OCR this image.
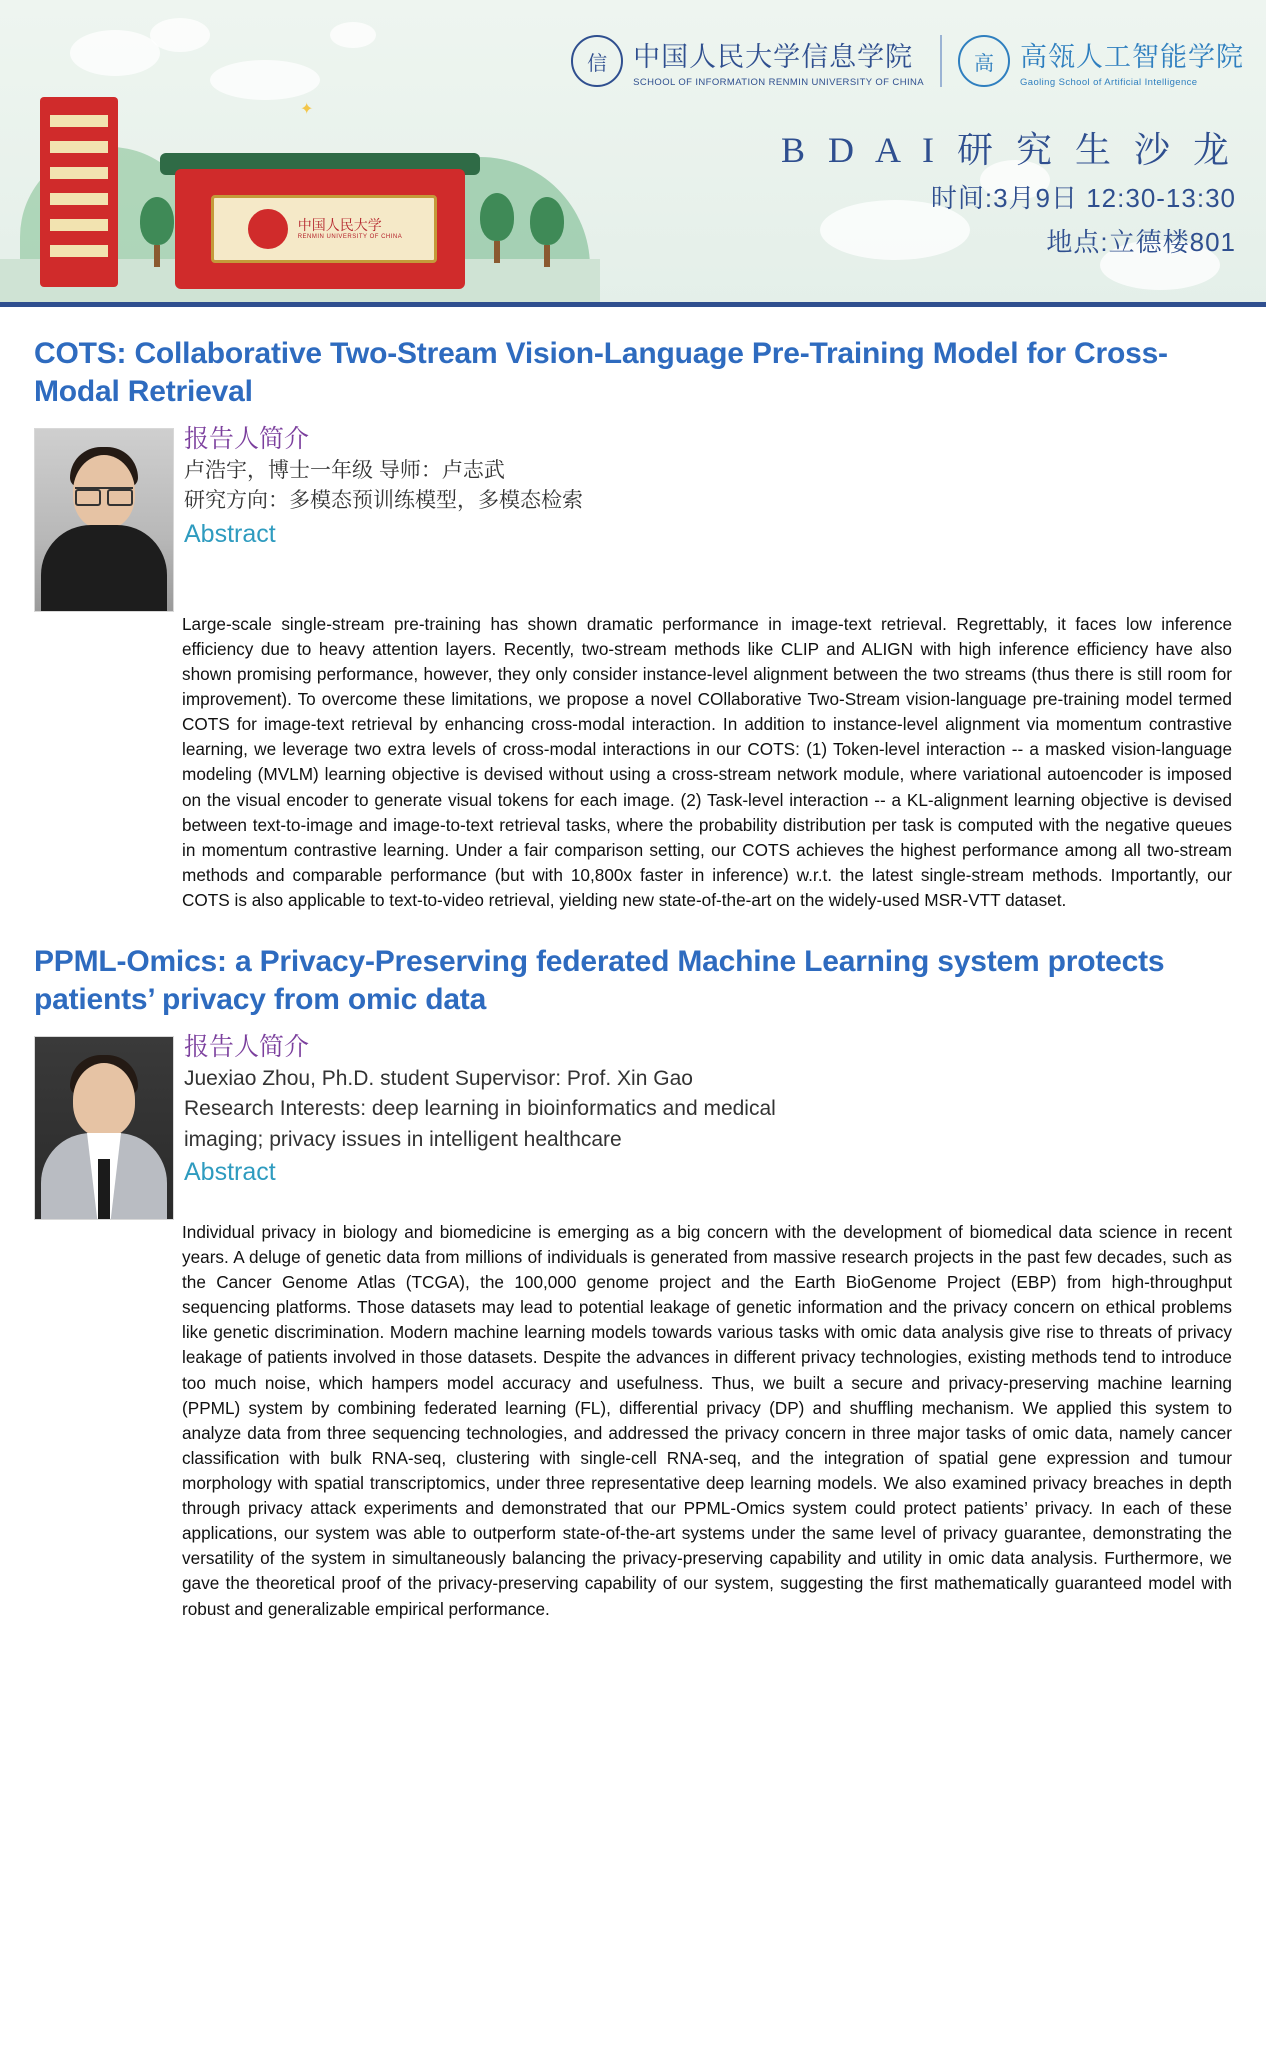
✦
中国人民大学
RENMIN UNIVERSITY OF CHINA
信 中国人民大学信息学院
SCHOOL OF INFORMATION RENMIN UNIVERSITY OF CHINA
高 高瓴人工智能学院
Gaoling School of Artificial Intelligence
B D A I 研 究 生 沙 龙
时间:3月9日 12:30-13:30
地点:立德楼801
COTS: Collaborative Two-Stream Vision-Language Pre-Training Model for Cross-Modal Retrieval
报告人简介

卢浩宇，博士一年级 导师：卢志武

研究方向：多模态预训练模型，多模态检索

Abstract

Large-scale single-stream pre-training has shown dramatic performance in image-text retrieval. Regrettably, it faces low inference efficiency due to heavy attention layers. Recently, two-stream methods like CLIP and ALIGN with high inference efficiency have also shown promising performance, however, they only consider instance-level alignment between the two streams (thus there is still room for improvement). To overcome these limitations, we propose a novel COllaborative Two-Stream vision-language pre-training model termed COTS for image-text retrieval by enhancing cross-modal interaction. In addition to instance-level alignment via momentum contrastive learning, we leverage two extra levels of cross-modal interactions in our COTS: (1) Token-level interaction -- a masked vision-language modeling (MVLM) learning objective is devised without using a cross-stream network module, where variational autoencoder is imposed on the visual encoder to generate visual tokens for each image. (2) Task-level interaction -- a KL-alignment learning objective is devised between text-to-image and image-to-text retrieval tasks, where the probability distribution per task is computed with the negative queues in momentum contrastive learning. Under a fair comparison setting, our COTS achieves the highest performance among all two-stream methods and comparable performance (but with 10,800x faster in inference) w.r.t. the latest single-stream methods. Importantly, our COTS is also applicable to text-to-video retrieval, yielding new state-of-the-art on the widely-used MSR-VTT dataset.

PPML-Omics: a Privacy-Preserving federated Machine Learning system protects patients’ privacy from omic data
报告人简介

Juexiao Zhou, Ph.D. student Supervisor: Prof. Xin Gao

Research Interests: deep learning in bioinformatics and medical

imaging; privacy issues in intelligent healthcare

Abstract

Individual privacy in biology and biomedicine is emerging as a big concern with the development of biomedical data science in recent years. A deluge of genetic data from millions of individuals is generated from massive research projects in the past few decades, such as the Cancer Genome Atlas (TCGA), the 100,000 genome project and the Earth BioGenome Project (EBP) from high-throughput sequencing platforms. Those datasets may lead to potential leakage of genetic information and the privacy concern on ethical problems like genetic discrimination. Modern machine learning models towards various tasks with omic data analysis give rise to threats of privacy leakage of patients involved in those datasets. Despite the advances in different privacy technologies, existing methods tend to introduce too much noise, which hampers model accuracy and usefulness. Thus, we built a secure and privacy-preserving machine learning (PPML) system by combining federated learning (FL), differential privacy (DP) and shuffling mechanism. We applied this system to analyze data from three sequencing technologies, and addressed the privacy concern in three major tasks of omic data, namely cancer classification with bulk RNA-seq, clustering with single-cell RNA-seq, and the integration of spatial gene expression and tumour morphology with spatial transcriptomics, under three representative deep learning models. We also examined privacy breaches in depth through privacy attack experiments and demonstrated that our PPML-Omics system could protect patients’ privacy. In each of these applications, our system was able to outperform state-of-the-art systems under the same level of privacy guarantee, demonstrating the versatility of the system in simultaneously balancing the privacy-preserving capability and utility in omic data analysis. Furthermore, we gave the theoretical proof of the privacy-preserving capability of our system, suggesting the first mathematically guaranteed model with robust and generalizable empirical performance.
